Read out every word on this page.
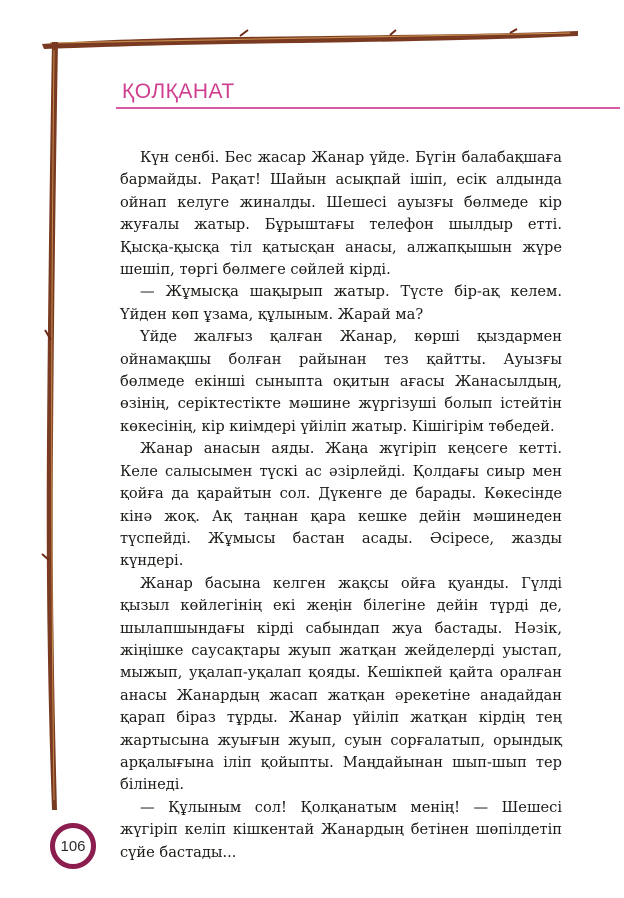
ҚОЛҚАНАТ

Күн сенбі. Бес жасар Жанар үйде. Бүгін балабақшаға бармайды. Рақат! Шайын асықпай ішіп, есік алдында ойнап келуге жиналды. Шешесі ауызғы бөлмеде кір жуғалы жатыр. Бұрыштағы телефон шылдыр етті. Қысқа-қысқа тіл қатысқан анасы, алжапқышын жүре шешіп, төргі бөлмеге сөйлей кірді.

— Жұмысқа шақырып жатыр. Түсте бір-ақ келем. Үйден көп ұзама, құлыным. Жарай ма?

Үйде жалғыз қалған Жанар, көрші қыздармен ойнамақшы болған райынан тез қайтты. Ауызғы бөлмеде екінші сыныпта оқитын ағасы Жанасылдың, өзінің, серіктестікте мәшине жүргізуші болып істейтін көкесінің, кір киімдері үйіліп жатыр. Кішігірім төбедей.

Жанар анасын аяды. Жаңа жүгіріп кеңсеге кетті. Келе салысымен түскі ас әзірлейді. Қолдағы сиыр мен қойға да қарайтын сол. Дүкенге де барады. Көкесінде кінә жоқ. Ақ таңнан қара кешке дейін мәшинеден түспейді. Жұмысы бастан асады. Әсіресе, жазды күндері.

Жанар басына келген жақсы ойға қуанды. Гүлді қызыл көйлегінің екі жеңін білегіне дейін түрді де, шылапшындағы кірді сабындап жуа бастады. Нәзік, жіңішке саусақтары жуып жатқан жейделерді уыстап, мыжып, уқалап-уқалап қояды. Кешікпей қайта оралған анасы Жанардың жасап жатқан әрекетіне анадайдан қарап біраз тұрды. Жанар үйіліп жатқан кірдің тең жартысына жуығын жуып, суын сорғалатып, орындық арқалығына іліп қойыпты. Маңдайынан шып-шып тер білінеді.

— Құлыным сол! Қолқанатым менің! — Шешесі жүгіріп келіп кішкентай Жанардың бетінен шөпілдетіп сүйе бастады...

106
